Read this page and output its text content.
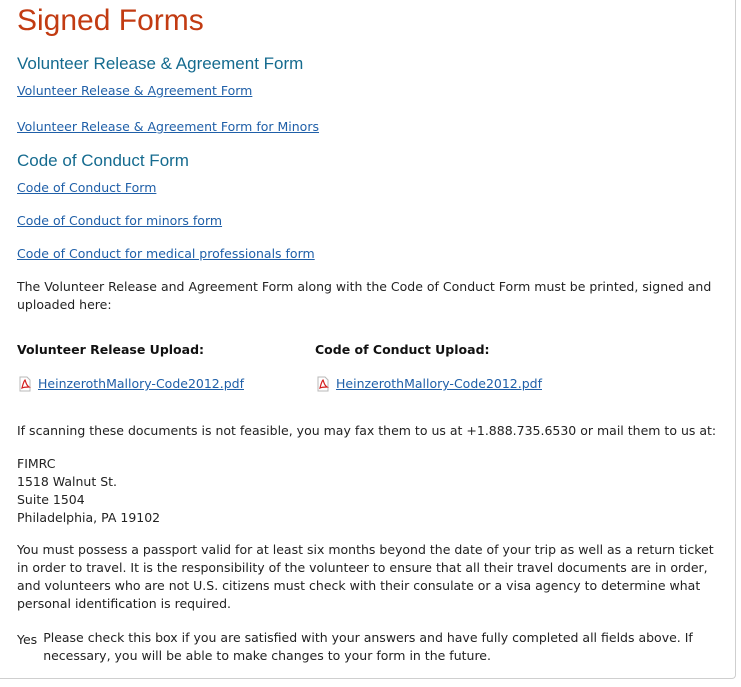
Signed Forms
Volunteer Release & Agreement Form
Volunteer Release & Agreement Form
Volunteer Release & Agreement Form for Minors
Code of Conduct Form
Code of Conduct Form
Code of Conduct for minors form
Code of Conduct for medical professionals form

The Volunteer Release and Agreement Form along with the Code of Conduct Form must be printed, signed and uploaded here:

Volunteer Release Upload:	Code of Conduct Upload:
HeinzerothMallory-Code2012.pdf	HeinzerothMallory-Code2012.pdf

If scanning these documents is not feasible, you may fax them to us at +1.888.735.6530 or mail them to us at:

FIMRC
1518 Walnut St.
Suite 1504
Philadelphia, PA 19102

You must possess a passport valid for at least six months beyond the date of your trip as well as a return ticket in order to travel. It is the responsibility of the volunteer to ensure that all their travel documents are in order, and volunteers who are not U.S. citizens must check with their consulate or a visa agency to determine what personal identification is required.

Yes Please check this box if you are satisfied with your answers and have fully completed all fields above. If necessary, you will be able to make changes to your form in the future.
